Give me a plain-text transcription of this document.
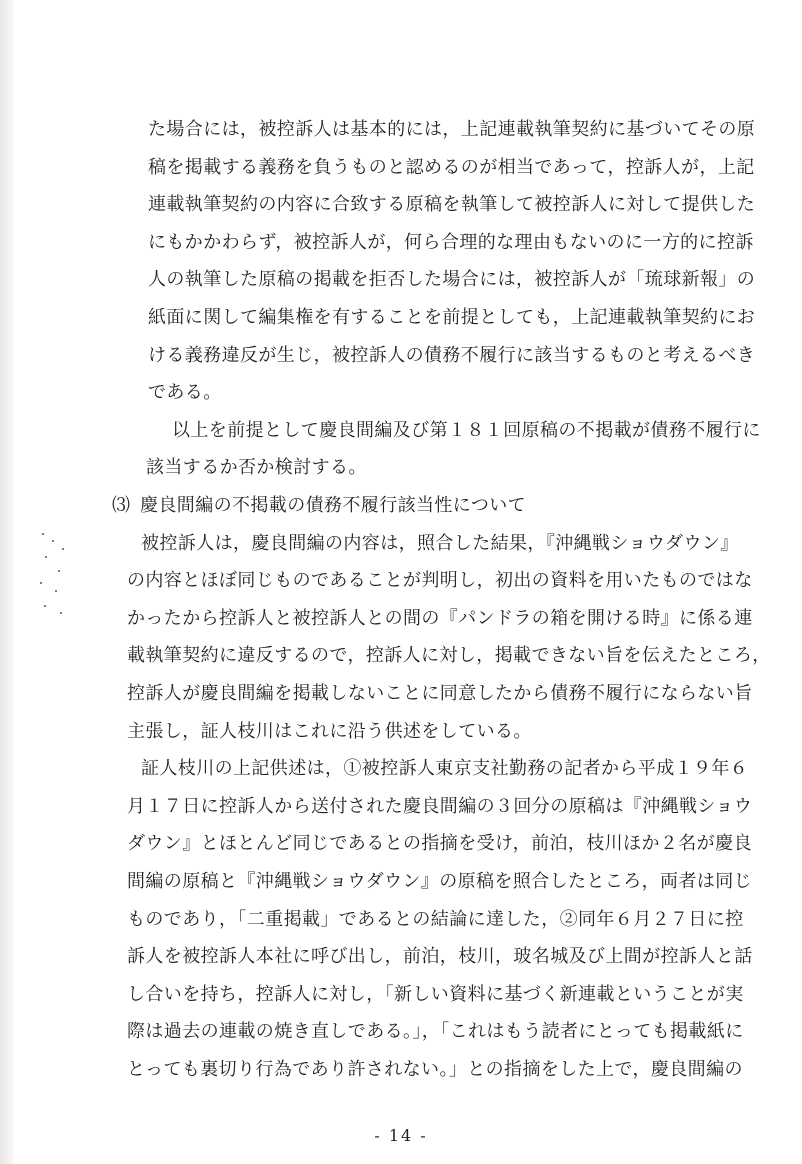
た場合には，被控訴人は基本的には，上記連載執筆契約に基づいてその原
稿を掲載する義務を負うものと認めるのが相当であって，控訴人が，上記
連載執筆契約の内容に合致する原稿を執筆して被控訴人に対して提供した
にもかかわらず，被控訴人が，何ら合理的な理由もないのに一方的に控訴
人の執筆した原稿の掲載を拒否した場合には，被控訴人が「琉球新報」の
紙面に関して編集権を有することを前提としても，上記連載執筆契約にお
ける義務違反が生じ，被控訴人の債務不履行に該当するものと考えるべき
である。
以上を前提として慶良間編及び第１８１回原稿の不掲載が債務不履行に
該当するか否か検討する。
⑶ 慶良間編の不掲載の債務不履行該当性について
被控訴人は，慶良間編の内容は，照合した結果，『沖縄戦ショウダウン』
の内容とほぼ同じものであることが判明し，初出の資料を用いたものではな
かったから控訴人と被控訴人との間の『パンドラの箱を開ける時』に係る連
載執筆契約に違反するので，控訴人に対し，掲載できない旨を伝えたところ，
控訴人が慶良間編を掲載しないことに同意したから債務不履行にならない旨
主張し，証人枝川はこれに沿う供述をしている。
証人枝川の上記供述は，①被控訴人東京支社勤務の記者から平成１９年６
月１７日に控訴人から送付された慶良間編の３回分の原稿は『沖縄戦ショウ
ダウン』とほとんど同じであるとの指摘を受け，前泊，枝川ほか２名が慶良
間編の原稿と『沖縄戦ショウダウン』の原稿を照合したところ，両者は同じ
ものであり，「二重掲載」であるとの結論に達した，②同年６月２７日に控
訴人を被控訴人本社に呼び出し，前泊，枝川，玻名城及び上間が控訴人と話
し合いを持ち，控訴人に対し，「新しい資料に基づく新連載ということが実
際は過去の連載の焼き直しである。」，「これはもう読者にとっても掲載紙に
とっても裏切り行為であり許されない。」との指摘をした上で，慶良間編の
- 14 -
